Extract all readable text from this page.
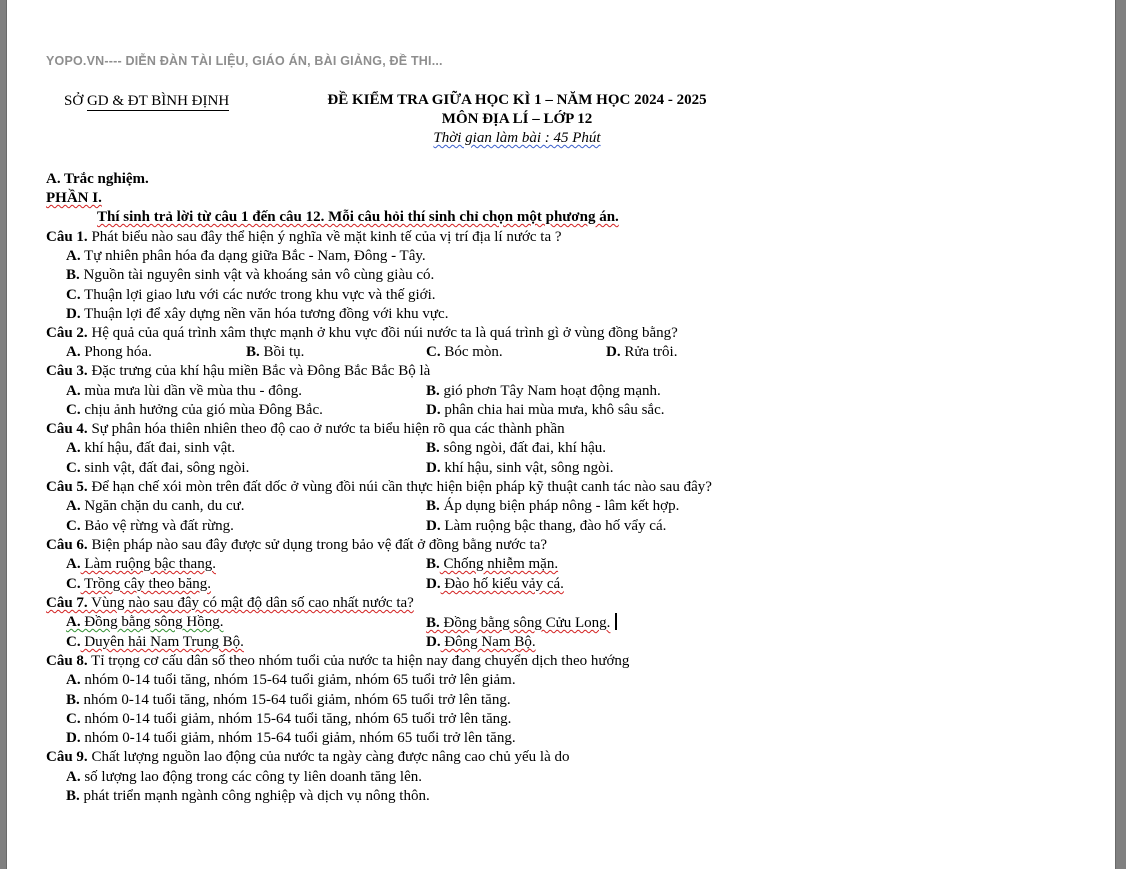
YOPO.VN---- DIỄN ĐÀN TÀI LIỆU, GIÁO ÁN, BÀI GIẢNG, ĐỀ THI...
SỞ GD & ĐT BÌNH ĐỊNH	ĐỀ KIỂM TRA GIỮA HỌC KÌ 1 – NĂM HỌC 2024 - 2025
MÔN ĐỊA LÍ – LỚP 12
Thời gian làm bài : 45 Phút
A. Trắc nghiệm.
PHẦN I.
Thí sinh trả lời từ câu 1 đến câu 12. Mỗi câu hỏi thí sinh chỉ chọn một phương án.
Câu 1. Phát biểu nào sau đây thể hiện ý nghĩa về mặt kinh tế của vị trí địa lí nước ta ?
A. Tự nhiên phân hóa đa dạng giữa Bắc - Nam, Đông - Tây.
B. Nguồn tài nguyên sinh vật và khoáng sản vô cùng giàu có.
C. Thuận lợi giao lưu với các nước trong khu vực và thế giới.
D. Thuận lợi để xây dựng nền văn hóa tương đồng với khu vực.
Câu 2. Hệ quả của quá trình xâm thực mạnh ở khu vực đồi núi nước ta là quá trình gì ở vùng đồng bằng?
A. Phong hóa.	B. Bồi tụ.	C. Bóc mòn.	D. Rửa trôi.
Câu 3. Đặc trưng của khí hậu miền Bắc và Đông Bắc Bắc Bộ là
A. mùa mưa lùi dần về mùa thu - đông.	B. gió phơn Tây Nam hoạt động mạnh.
C. chịu ảnh hưởng của gió mùa Đông Bắc.	D. phân chia hai mùa mưa, khô sâu sắc.
Câu 4. Sự phân hóa thiên nhiên theo độ cao ở nước ta biểu hiện rõ qua các thành phần
A. khí hậu, đất đai, sinh vật.	B. sông ngòi, đất đai, khí hậu.
C. sinh vật, đất đai, sông ngòi.	D. khí hậu, sinh vật, sông ngòi.
Câu 5. Để hạn chế xói mòn trên đất dốc ở vùng đồi núi cần thực hiện biện pháp kỹ thuật canh tác nào sau đây?
A. Ngăn chặn du canh, du cư.	B. Áp dụng biện pháp nông - lâm kết hợp.
C. Bảo vệ rừng và đất rừng.	D. Làm ruộng bậc thang, đào hố vẩy cá.
Câu 6. Biện pháp nào sau đây được sử dụng trong bảo vệ đất ở đồng bằng nước ta?
A. Làm ruộng bậc thang.	B. Chống nhiễm mặn.
C. Trồng cây theo băng.	D. Đào hố kiểu vảy cá.
Câu 7. Vùng nào sau đây có mật độ dân số cao nhất nước ta?
A. Đồng bằng sông Hồng.	B. Đồng bằng sông Cửu Long.
C. Duyên hải Nam Trung Bộ.	D. Đông Nam Bộ.
Câu 8. Tỉ trọng cơ cấu dân số theo nhóm tuổi của nước ta hiện nay đang chuyển dịch theo hướng
A. nhóm 0-14 tuổi tăng, nhóm 15-64 tuổi giảm, nhóm 65 tuổi trở lên giảm.
B. nhóm 0-14 tuổi tăng, nhóm 15-64 tuổi giảm, nhóm 65 tuổi trở lên tăng.
C. nhóm 0-14 tuổi giảm, nhóm 15-64 tuổi tăng, nhóm 65 tuổi trở lên tăng.
D. nhóm 0-14 tuổi giảm, nhóm 15-64 tuổi giảm, nhóm 65 tuổi trở lên tăng.
Câu 9. Chất lượng nguồn lao động của nước ta ngày càng được nâng cao chủ yếu là do
A. số lượng lao động trong các công ty liên doanh tăng lên.
B. phát triển mạnh ngành công nghiệp và dịch vụ nông thôn.
